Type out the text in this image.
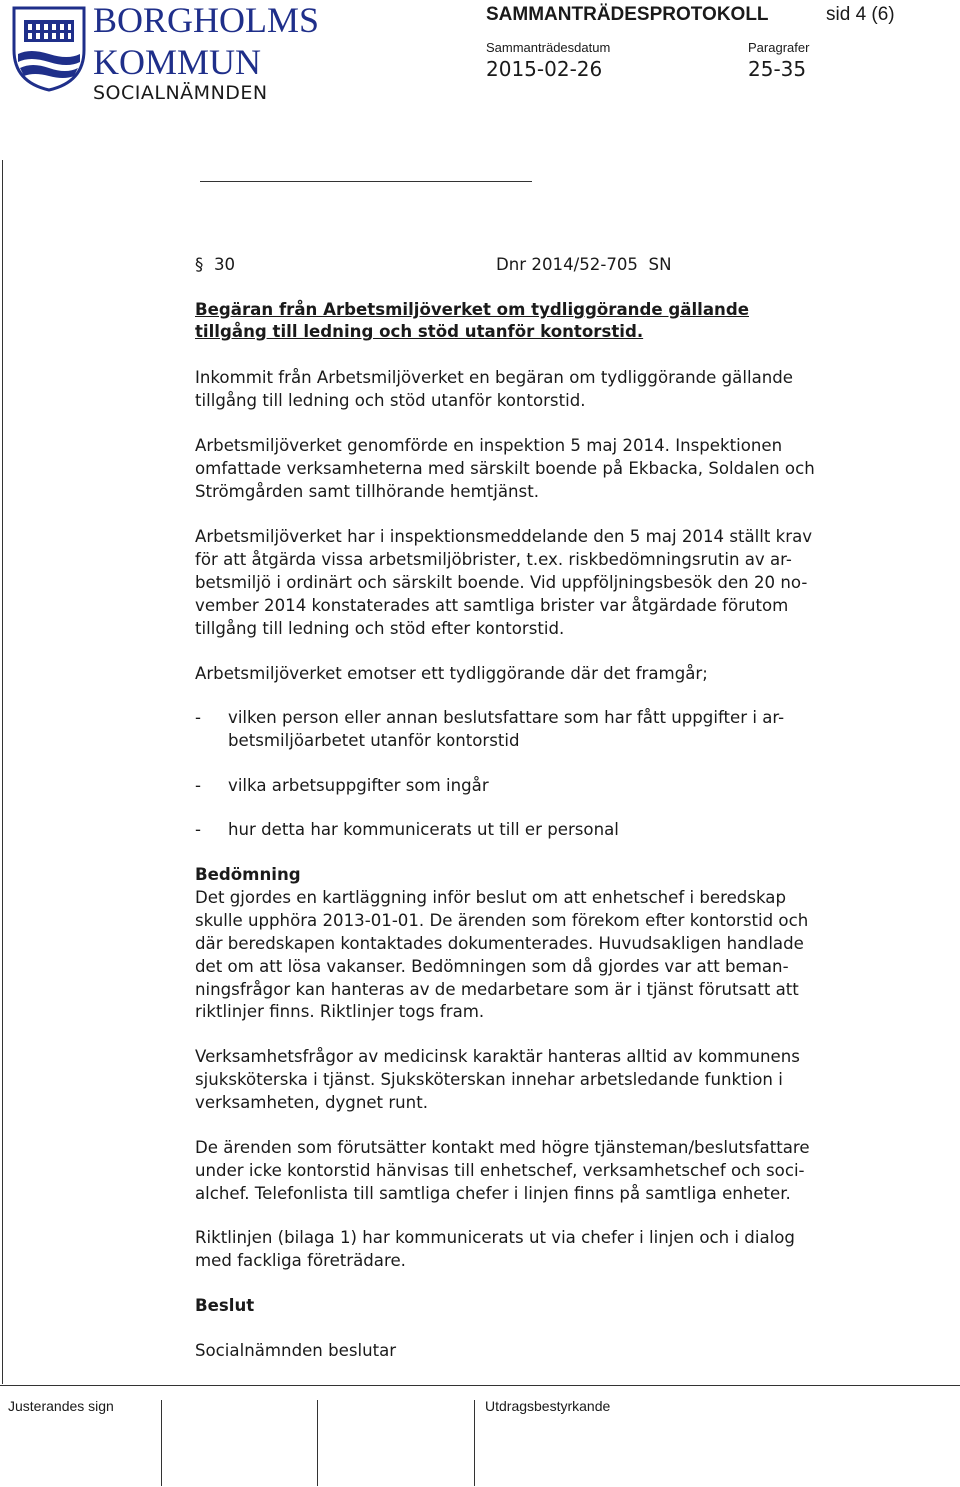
BORGHOLMS
KOMMUN
SOCIALNÄMNDEN
SAMMANTRÄDESPROTOKOLL	sid 4 (6)
Sammanträdesdatum
2015-02-26
Paragrafer
25-35

§ 30	Dnr 2014/52-705  SN

Begäran från Arbetsmiljöverket om tydliggörande gällande

tillgång till ledning och stöd utanför kontorstid.

Inkommit från Arbetsmiljöverket en begäran om tydliggörande gällande

tillgång till ledning och stöd utanför kontorstid.

Arbetsmiljöverket genomförde en inspektion 5 maj 2014. Inspektionen

omfattade verksamheterna med särskilt boende på Ekbacka, Soldalen och

Strömgården samt tillhörande hemtjänst.

Arbetsmiljöverket har i inspektionsmeddelande den 5 maj 2014 ställt krav

för att åtgärda vissa arbetsmiljöbrister, t.ex. riskbedömningsrutin av ar-

betsmiljö i ordinärt och särskilt boende. Vid uppföljningsbesök den 20 no-

vember 2014 konstaterades att samtliga brister var åtgärdade förutom

tillgång till ledning och stöd efter kontorstid.

Arbetsmiljöverket emotser ett tydliggörande där det framgår;

- vilken person eller annan beslutsfattare som har fått uppgifter i ar-

betsmiljöarbetet utanför kontorstid

- vilka arbetsuppgifter som ingår

- hur detta har kommunicerats ut till er personal

Bedömning

Det gjordes en kartläggning inför beslut om att enhetschef i beredskap

skulle upphöra 2013-01-01. De ärenden som förekom efter kontorstid och

där beredskapen kontaktades dokumenterades. Huvudsakligen handlade

det om att lösa vakanser. Bedömningen som då gjordes var att beman-

ningsfrågor kan hanteras av de medarbetare som är i tjänst förutsatt att

riktlinjer finns. Riktlinjer togs fram.

Verksamhetsfrågor av medicinsk karaktär hanteras alltid av kommunens

sjuksköterska i tjänst. Sjuksköterskan innehar arbetsledande funktion i

verksamheten, dygnet runt.

De ärenden som förutsätter kontakt med högre tjänsteman/beslutsfattare

under icke kontorstid hänvisas till enhetschef, verksamhetschef och soci-

alchef. Telefonlista till samtliga chefer i linjen finns på samtliga enheter.

Riktlinjen (bilaga 1) har kommunicerats ut via chefer i linjen och i dialog

med fackliga företrädare.

Beslut

Socialnämnden beslutar

Justerandes sign	Utdragsbestyrkande
